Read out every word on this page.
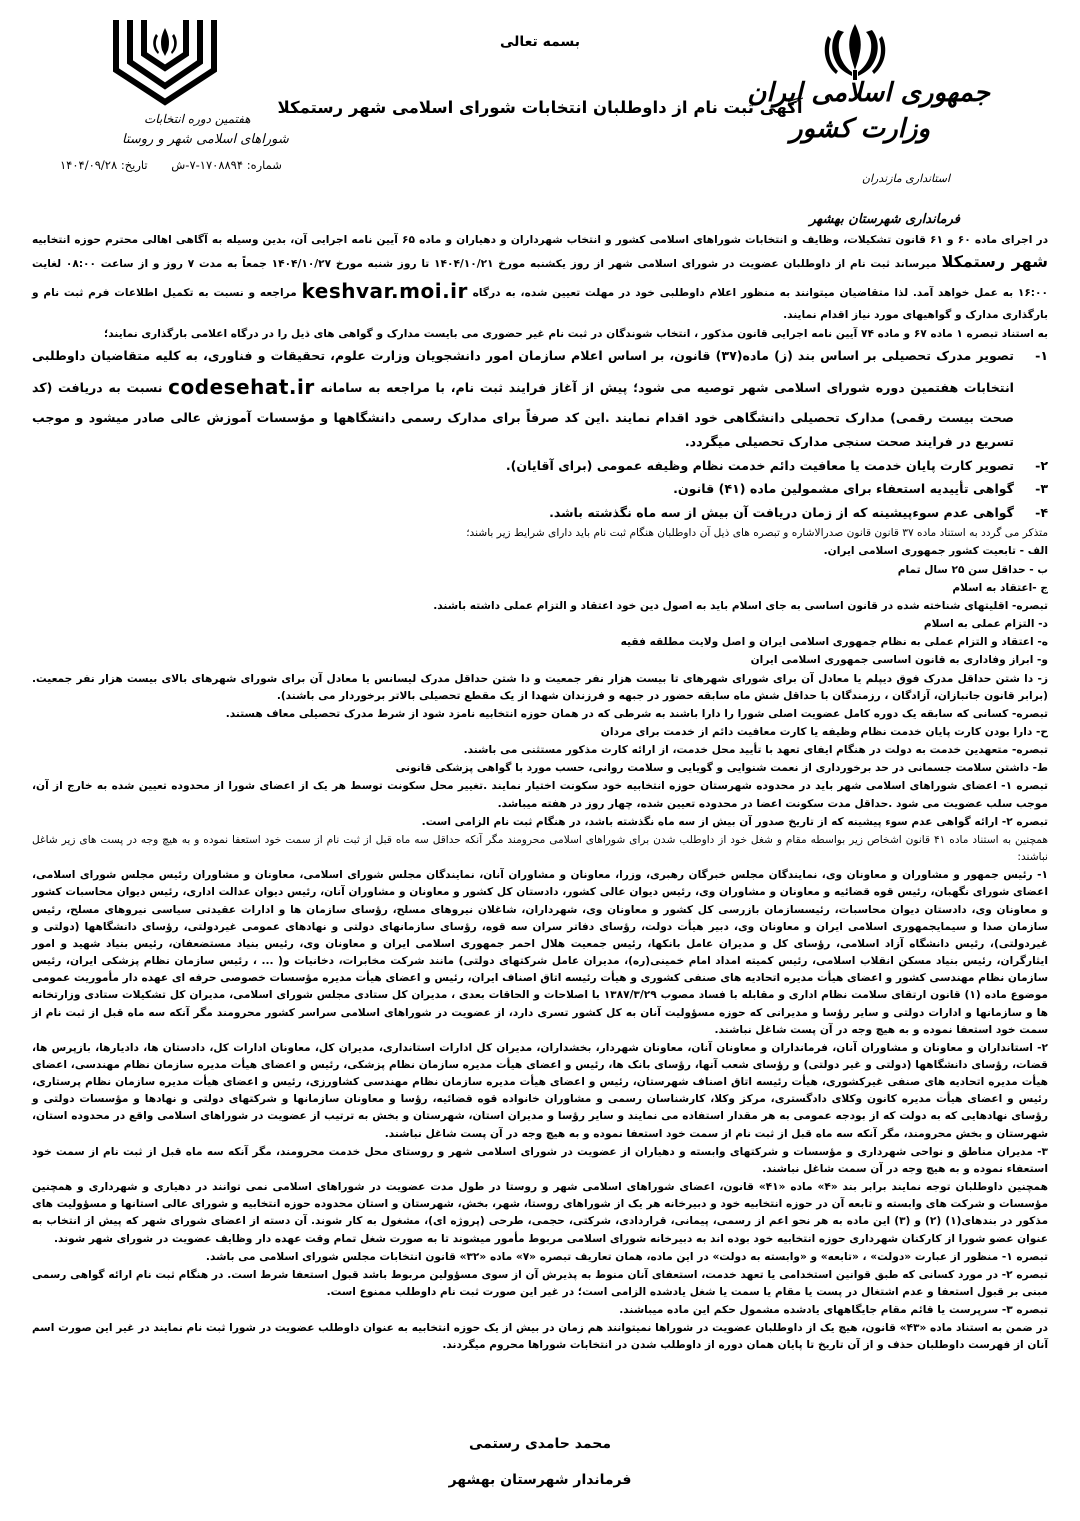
جمهوری اسلامی ایران
وزارت کشور
استانداری مازندران
فرمانداری شهرستان بهشهر
بسمه تعالی
آگهی ثبت نام از داوطلبان انتخابات شورای اسلامی شهر رستمکلا
هفتمین دوره انتخابات
شوراهای اسلامی شهر و روستا
شماره: ۱۷۰۸۸۹۴-۷-ش تاریخ: ۱۴۰۴/۰۹/۲۸

در اجرای ماده ۶۰ و ۶۱ قانون تشکیلات، وظایف و انتخابات شوراهای اسلامی کشور و انتخاب شهرداران و دهیاران و ماده ۶۵ آیین نامه اجرایی آن، بدین وسیله به آگاهی اهالی محترم حوزه انتخابیه شهر رستمکلا میرساند ثبت نام از داوطلبان عضویت در شورای اسلامی شهر از روز یکشنبه مورخ ۱۴۰۴/۱۰/۲۱ تا روز شنبه مورخ ۱۴۰۴/۱۰/۲۷ جمعاً به مدت ۷ روز و از ساعت ۰۸:۰۰ لغایت ۱۶:۰۰ به عمل خواهد آمد. لذا متقاضیان میتوانند به منظور اعلام داوطلبی خود در مهلت تعیین شده، به درگاه keshvar.moi.ir مراجعه و نسبت به تکمیل اطلاعات فرم ثبت نام و بارگذاری مدارک و گواهیهای مورد نیاز اقدام نمایند.

به استناد تبصره ۱ ماده ۶۷ و ماده ۷۴ آیین نامه اجرایی قانون مذکور ، انتخاب شوندگان در ثبت نام غیر حضوری می بایست مدارک و گواهی های ذیل را در درگاه اعلامی بارگذاری نمایند؛

۱-
تصویر مدرک تحصیلی بر اساس بند (ز) ماده(۳۷) قانون، بر اساس اعلام سازمان امور دانشجویان وزارت علوم، تحقیقات و فناوری، به کلیه متقاضیان داوطلبی انتخابات هفتمین دوره شورای اسلامی شهر توصیه می شود؛ پیش از آغاز فرایند ثبت نام، با مراجعه به سامانه codesehat.ir نسبت به دریافت (کد صحت بیست رقمی) مدارک تحصیلی دانشگاهی خود اقدام نمایند .این کد صرفاً برای مدارک رسمی دانشگاهها و مؤسسات آموزش عالی صادر میشود و موجب تسریع در فرایند صحت سنجی مدارک تحصیلی میگردد.
۲-
تصویر کارت پایان خدمت یا معافیت دائم خدمت نظام وظیفه عمومی (برای آقایان).
۳-
گواهی تأییدیه استعفاء برای مشمولین ماده (۴۱) قانون.
۴-
گواهی عدم سوءپیشینه که از زمان دریافت آن بیش از سه ماه نگذشته باشد.

متذکر می گردد به استناد ماده ۳۷ قانون قانون صدرالاشاره و تبصره های ذیل آن داوطلبان هنگام ثبت نام باید دارای شرایط زیر باشند؛

الف - تابعیت کشور جمهوری اسلامی ایران.

ب - حداقل سن ۲۵ سال تمام

ج -اعتقاد به اسلام

تبصره- اقلیتهای شناخته شده در قانون اساسی به جای اسلام باید به اصول دین خود اعتقاد و التزام عملی داشته باشند.

د- التزام عملی به اسلام

ه- اعتقاد و التزام عملی به نظام جمهوری اسلامی ایران و اصل ولایت مطلقه فقیه

و- ابراز وفاداری به قانون اساسی جمهوری اسلامی ایران

ز- دا شتن حداقل مدرک فوق دیپلم یا معادل آن برای شورای شهرهای تا بیست هزار نفر جمعیت و دا شتن حداقل مدرک لیسانس یا معادل آن برای شورای شهرهای بالای بیست هزار نفر جمعیت. (برابر قانون جانبازان، آزادگان ، رزمندگان با حداقل شش ماه سابقه حضور در جبهه و فرزندان شهدا از یک مقطع تحصیلی بالاتر برخوردار می باشند).

تبصره- کسانی که سابقه یک دوره کامل عضویت اصلی شورا را دارا باشند به شرطی که در همان حوزه انتخابیه نامزد شود از شرط مدرک تحصیلی معاف هستند.

ح- دارا بودن کارت پایان خدمت نظام وظیفه یا کارت معافیت دائم از خدمت برای مردان

تبصره- متعهدین خدمت به دولت در هنگام ایفای تعهد با تأیید محل خدمت، از ارائه کارت مذکور مستثنی می باشند.

ط- داشتن سلامت جسمانی در حد برخورداری از نعمت شنوایی و گویایی و سلامت روانی، حسب مورد با گواهی پزشکی قانونی

تبصره ۱- اعضای شوراهای اسلامی شهر باید در محدوده شهرستان حوزه انتخابیه خود سکونت اختیار نمایند .تغییر محل سکونت توسط هر یک از اعضای شورا از محدوده تعیین شده به خارج از آن، موجب سلب عضویت می شود .حداقل مدت سکونت اعضا در محدوده تعیین شده، چهار روز در هفته میباشد.

تبصره ۲- ارائه گواهی عدم سوء پیشینه که از تاریخ صدور آن بیش از سه ماه نگذشته باشد، در هنگام ثبت نام الزامی است.

همچنین به استناد ماده ۴۱ قانون اشخاص زیر بواسطه مقام و شغل خود از داوطلب شدن برای شوراهای اسلامی محرومند مگر آنکه حداقل سه ماه قبل از ثبت نام از سمت خود استعفا نموده و به هیچ وجه در پست های زیر شاغل نباشند:

۱- رئیس جمهور و مشاوران و معاونان وی، نمایندگان مجلس خبرگان رهبری، وزرا، معاونان و مشاوران آنان، نمایندگان مجلس شورای اسلامی، معاونان و مشاوران رئیس مجلس شورای اسلامی، اعضای شورای نگهبان، رئیس قوه قضائیه و معاونان و مشاوران وی، رئیس دیوان عالی کشور، دادستان کل کشور و معاونان و مشاوران آنان، رئیس دیوان عدالت اداری، رئیس دیوان محاسبات کشور و معاونان وی، دادستان دیوان محاسبات، رئیسسازمان بازرسی کل کشور و معاونان وی، شهرداران، شاغلان نیروهای مسلح، رؤسای سازمان ها و ادارات عقیدتی سیاسی نیروهای مسلح، رئیس سازمان صدا و سیمایجمهوری اسلامی ایران و معاونان وی، دبیر هیأت دولت، رؤسای دفاتر سران سه قوه، رؤسای سازمانهای دولتی و نهادهای عمومی غیردولتی، رؤسای دانشگاهها (دولتی و غیردولتی)، رئیس دانشگاه آزاد اسلامی، رؤسای کل و مدیران عامل بانکها، رئیس جمعیت هلال احمر جمهوری اسلامی ایران و معاونان وی، رئیس بنیاد مستضعفان، رئیس بنیاد شهید و امور ایثارگران، رئیس بنیاد مسکن انقلاب اسلامی، رئیس کمیته امداد امام خمینی(ره)، مدیران عامل شرکتهای دولتی) مانند شرکت مخابرات، دخانیات و( ... ، رئیس سازمان نظام پزشکی ایران، رئیس سازمان نظام مهندسی کشور و اعضای هیأت مدیره اتحادیه های صنفی کشوری و هیأت رئیسه اتاق اصناف ایران، رئیس و اعضای هیأت مدیره مؤسسات خصوصی حرفه ای عهده دار مأموریت عمومی موضوع ماده (۱) قانون ارتقای سلامت نظام اداری و مقابله با فساد مصوب ۱۳۸۷/۳/۲۹ با اصلاحات و الحاقات بعدی ، مدیران کل ستادی مجلس شورای اسلامی، مدیران کل تشکیلات ستادی وزارتخانه ها و سازمانها و ادارات دولتی و سایر رؤسا و مدیرانی که حوزه مسؤولیت آنان به کل کشور تسری دارد، از عضویت در شوراهای اسلامی سراسر کشور محرومند مگر آنکه سه ماه قبل از ثبت نام از سمت خود استعفا نموده و به هیچ وجه در آن پست شاغل نباشند.

۲- استانداران و معاونان و مشاوران آنان، فرمانداران و معاونان آنان، معاونان شهردار، بخشداران، مدیران کل ادارات استانداری، مدیران کل، معاونان ادارات کل، دادستان ها، دادیارها، بازپرس ها، قضات، رؤسای دانشگاهها (دولتی و غیر دولتی) و رؤسای شعب آنها، رؤسای بانک ها، رئیس و اعضای هیأت مدیره سازمان نظام پزشکی، رئیس و اعضای هیأت مدیره سازمان نظام مهندسی، اعضای هیأت مدیره اتحادیه های صنفی غیرکشوری، هیأت رئیسه اتاق اصناف شهرستان، رئیس و اعضای هیأت مدیره سازمان نظام مهندسی کشاورزی، رئیس و اعضای هیأت مدیره سازمان نظام پرستاری، رئیس و اعضای هیأت مدیره کانون وکلای دادگستری، مرکز وکلا، کارشناسان رسمی و مشاوران خانواده قوه قضائیه، رؤسا و معاونان سازمانها و شرکتهای دولتی و نهادها و مؤسسات دولتی و رؤسای نهادهایی که به دولت که از بودجه عمومی به هر مقدار استفاده می نمایند و سایر رؤسا و مدیران استان، شهرستان و بخش به ترتیب از عضویت در شوراهای اسلامی واقع در محدوده استان، شهرستان و بخش محرومند، مگر آنکه سه ماه قبل از ثبت نام از سمت خود استعفا نموده و به هیچ وجه در آن پست شاغل نباشند.

۳- مدیران مناطق و نواحی شهرداری و مؤسسات و شرکتهای وابسته و دهیاران از عضویت در شورای اسلامی شهر و روستای محل خدمت محرومند، مگر آنکه سه ماه قبل از ثبت نام از سمت خود استعفاء نموده و به هیچ وجه در آن سمت شاغل نباشند.

همچنین داوطلبان توجه نمایند برابر بند «۴» ماده «۴۱» قانون، اعضای شوراهای اسلامی شهر و روستا در طول مدت عضویت در شوراهای اسلامی نمی توانند در دهیاری و شهرداری و همچنین مؤسسات و شرکت های وابسته و تابعه آن در حوزه انتخابیه خود و دبیرخانه هر یک از شوراهای روستا، شهر، بخش، شهرستان و استان محدوده حوزه انتخابیه و شورای عالی استانها و مسؤولیت های مذکور در بندهای(۱) (۲) و (۳) این ماده به هر نحو اعم از رسمی، پیمانی، قراردادی، شرکتی، حجمی، طرحی (پروژه ای)، مشغول به کار شوند. آن دسته از اعضای شورای شهر که پیش از انتخاب به عنوان عضو شورا از کارکنان شهرداری حوزه انتخابیه خود بوده اند به دبیرخانه شورای اسلامی مربوط مأمور میشوند تا به صورت شغل تمام وقت عهده دار وظایف عضویت در شورای شهر شوند.

تبصره ۱- منظور از عبارت «دولت» ، «تابعه» و «وابسته به دولت» در این ماده، همان تعاریف تبصره «۷» ماده «۳۲» قانون انتخابات مجلس شورای اسلامی می باشد.

تبصره ۲- در مورد کسانی که طبق قوانین استخدامی یا تعهد خدمت، استعفای آنان منوط به پذیرش آن از سوی مسؤولین مربوط باشد قبول استعفا شرط است. در هنگام ثبت نام ارائه گواهی رسمی مبنی بر قبول استعفا و عدم اشتغال در پست یا مقام یا سمت یا شغل یادشده الزامی است؛ در غیر این صورت ثبت نام داوطلب ممنوع است.

تبصره ۳- سرپرست یا قائم مقام جایگاههای یادشده مشمول حکم این ماده میباشند.

در ضمن به استناد ماده «۴۳» قانون، هیچ یک از داوطلبان عضویت در شوراها نمیتوانند هم زمان در بیش از یک حوزه انتخابیه به عنوان داوطلب عضویت در شورا ثبت نام نمایند در غیر این صورت اسم آنان از فهرست داوطلبان حذف و از آن تاریخ تا پایان همان دوره از داوطلب شدن در انتخابات شوراها محروم میگردند.

محمد حامدی رستمی
فرماندار شهرستان بهشهر
